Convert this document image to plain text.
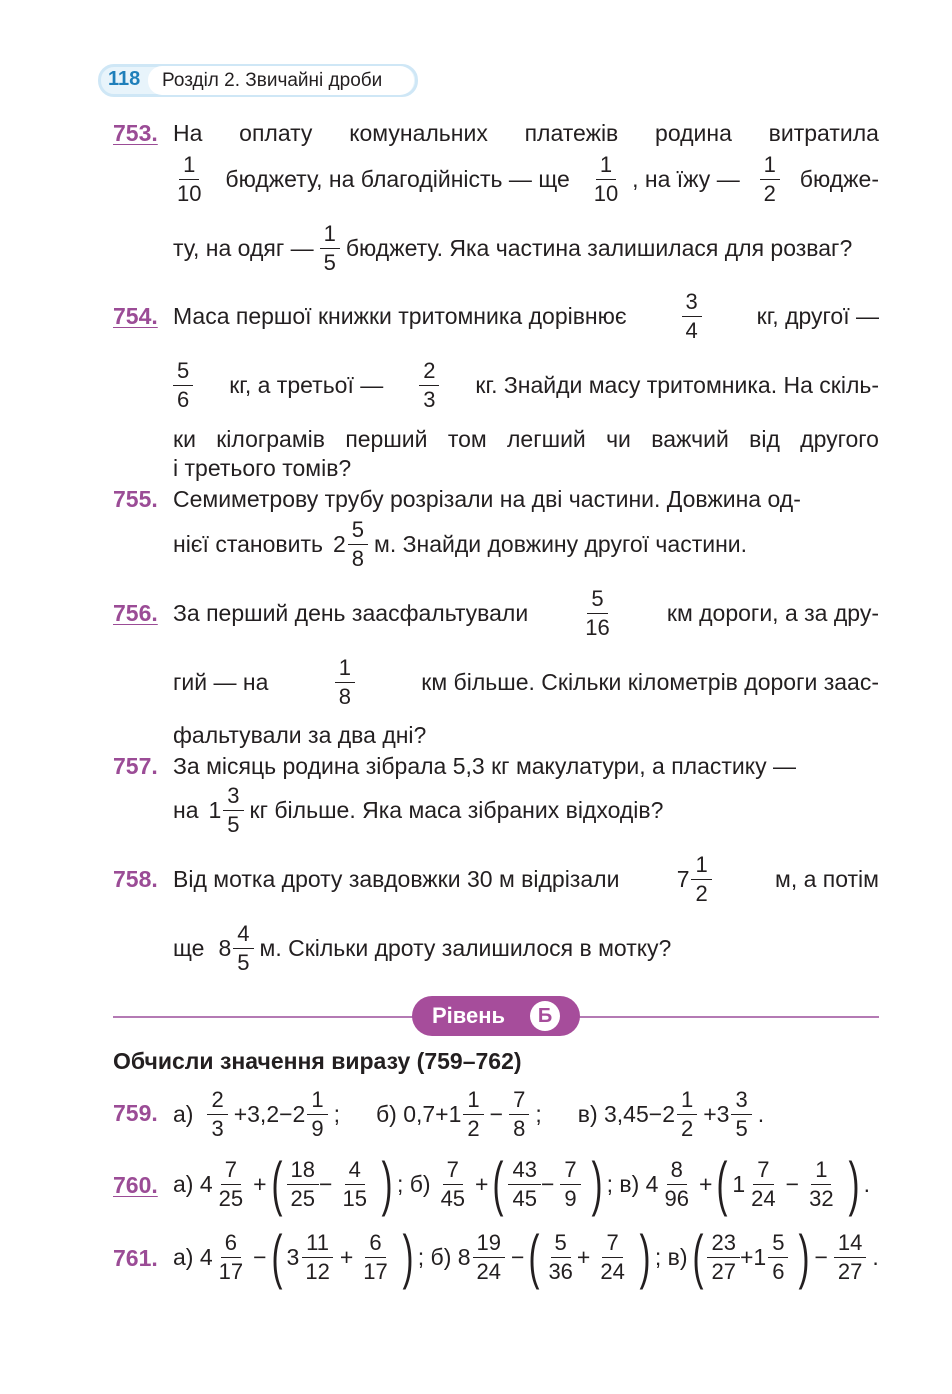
118	Розділ 2. Звичайні дроби
753. На оплату комунальних платежів родина витратила
$\frac{1}{10}$ бюджету, на благодійність — ще $\frac{1}{10}$ , на їжу — $\frac{1}{2}$ бюдже-
ту, на одяг — $\frac{1}{5}$ бюджету. Яка частина залишилася для розваг?
754. Маса першої книжки тритомника дорівнює $\frac{3}{4}$ кг, другої —
$\frac{5}{6}$ кг, а третьої — $\frac{2}{3}$ кг. Знайди масу тритомника. На скіль-
ки кілограмів перший том легший чи важчий від другого
і третього томів?
755. Семиметрову трубу розрізали на дві частини. Довжина од-
нієї становить $2 \frac{5}{8} м$. Знайди довжину другої частини.
756. За перший день заасфальтували $\frac{5}{16}$ км дороги, а за дру-
гий — на	$\frac{1}{8}$	км більше. Скільки кілометрів дороги заас-
фальтували за два дні?
757. За місяць родина зібрала 5,3 кг макулатури, а пластику —
на $1 \frac{3}{5}$ кг більше. Яка маса зібраних відходів?
758. Від мотка дроту завдовжки 30 м відрізали $7 \frac{1}{2}$	м, а потім
ще $8 \frac{4}{5} м$. Скільки дроту залишилося в мотку?
Рівень	Б
Обчисли значення виразу (759–762)
759. $а) \frac{2}{3} +3,2-2 \frac{1}{9}$ ; б) $0,7+1 \frac{1}{2} - \frac{7}{8}$ ; в) $3,45-2 \frac{1}{2} +3 \frac{3}{5}$ .
760. а) $4 \frac{7}{25}$ + ( $\frac{18}{25} - \frac{4}{15}$ ) ; $б) \frac{7}{45}$ + ( $\frac{43}{45} - \frac{7}{9}$ ) ; в) $4 \frac{8}{96}$ + ( $1 \frac{7}{24} - \frac{1}{32}$ ) .
761. а) $4 \frac{6}{17}$ − ( $3 \frac{11}{12} + \frac{6}{17}$ ) ; б) $8 \frac{19}{24}$ − ( $\frac{5}{36} + \frac{7}{24}$ ) ; в) ( $\frac{23}{27} +1 \frac{5}{6}$ ) − $\frac{14}{27}$ .
